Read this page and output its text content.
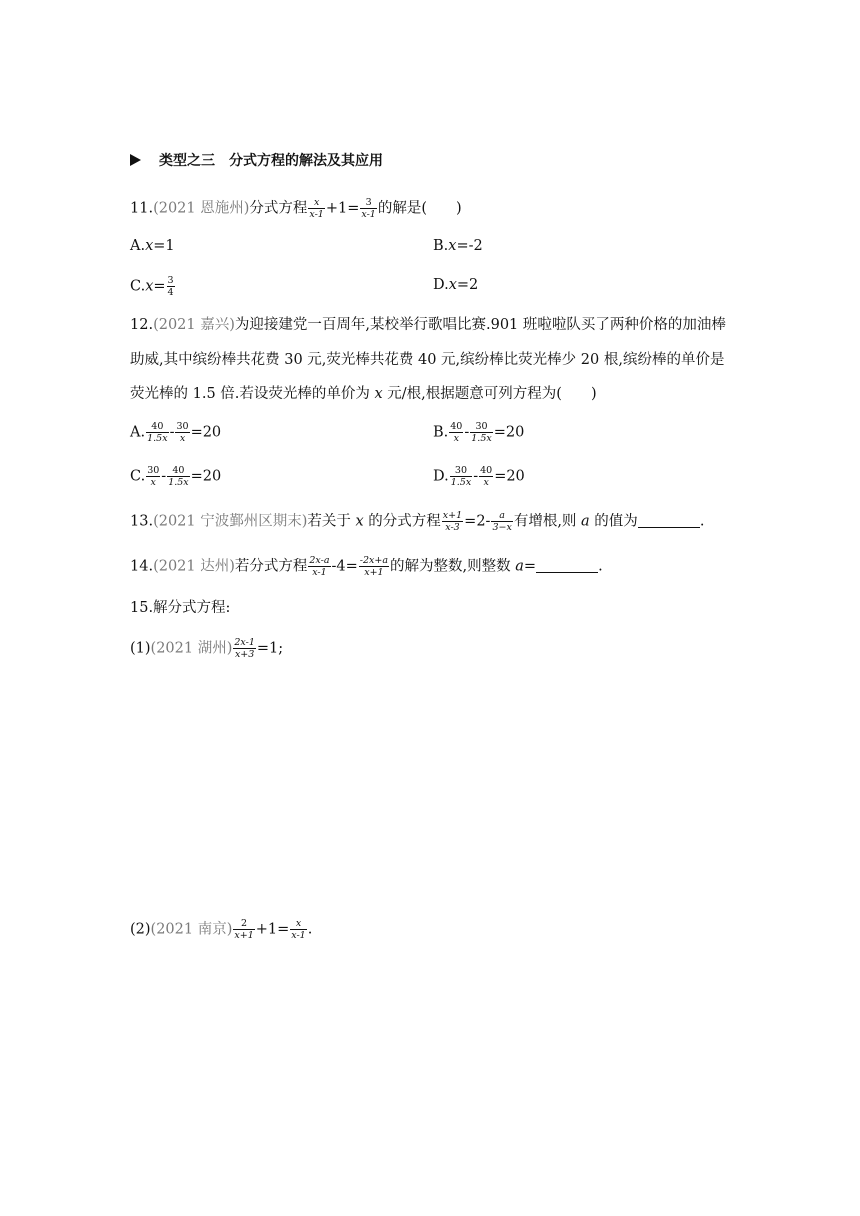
类型之三　分式方程的解法及其应用
11.(2021 恩施州)分式方程 $\frac{x}{x-1} +1= \frac{3}{x-1}$ 的解是(　　)
A.x=1	B.x=-2
$C.x= \frac{3}{4}$	D.x=2
12.(2021 嘉兴)为迎接建党一百周年,某校举行歌唱比赛.901 班啦啦队买了两种价格的加油棒
助威,其中缤纷棒共花费 30 元,荧光棒共花费 40 元,缤纷棒比荧光棒少 20 根,缤纷棒的单价是
荧光棒的 1.5 倍.若设荧光棒的单价为 x 元/根,根据题意可列方程为(　　)
A. $\frac{40}{1.5x} - \frac{30}{x} =20$	B. $\frac{40}{x} - \frac{30}{1.5x} =20$
C. $\frac{30}{x} - \frac{40}{1.5x} =20$	D. $\frac{30}{1.5x} - \frac{40}{x} =20$
13.(2021 宁波鄞州区期末)若关于 x 的分式方程 $\frac{x+1}{x-3} =2- \frac{a}{3-x}$ 有增根,则 a 的值为	.
14.(2021 达州)若分式方程 $\frac{2x-a}{x-1} -4= \frac{-2x+a}{x+1}$ 的解为整数,则整数 a=	.
15.解分式方程:
(1)(2021 湖州) $\frac{2x-1}{x+3} =1$;
(2)(2021 南京) $\frac{2}{x+1} +1= \frac{x}{x-1}$ .
